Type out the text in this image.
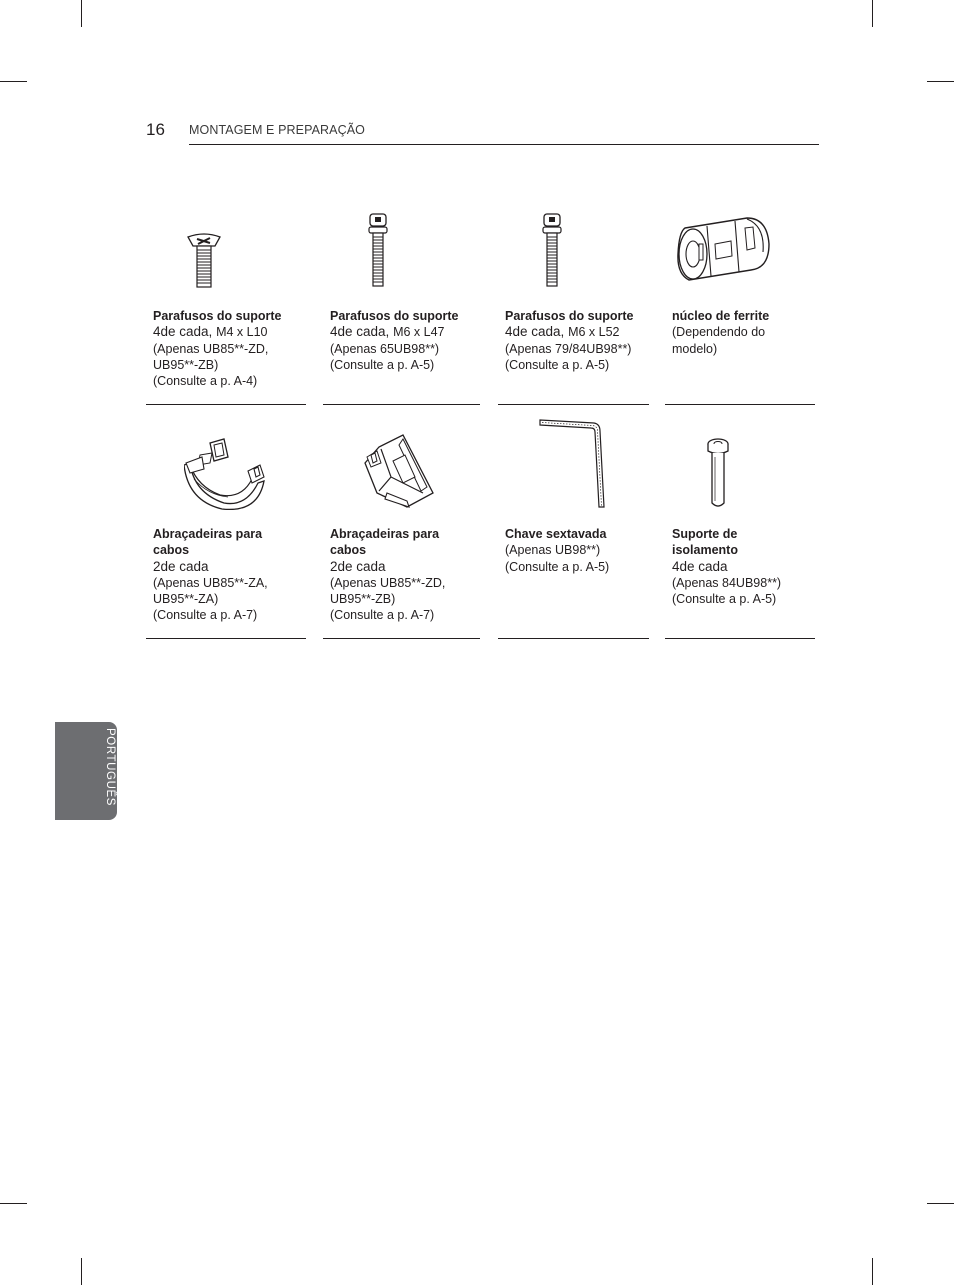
16 MONTAGEM E PREPARAÇÃO
Parafusos do suporte
4de cada, M4 x L10
(Apenas UB85**-ZD,
UB95**-ZB)
(Consulte a p. A-4)
Parafusos do suporte
4de cada, M6 x L47
(Apenas 65UB98**)
(Consulte a p. A-5)
Parafusos do suporte
4de cada, M6 x L52
(Apenas 79/84UB98**)
(Consulte a p. A-5)
núcleo de ferrite
(Dependendo do
modelo)
Abraçadeiras para
cabos
2de cada
(Apenas UB85**-ZA,
UB95**-ZA)
(Consulte a p. A-7)
Abraçadeiras para
cabos
2de cada
(Apenas UB85**-ZD,
UB95**-ZB)
(Consulte a p. A-7)
Chave sextavada
(Apenas UB98**)
(Consulte a p. A-5)
Suporte de
isolamento
4de cada
(Apenas 84UB98**)
(Consulte a p. A-5)
PORTUGUÊS
